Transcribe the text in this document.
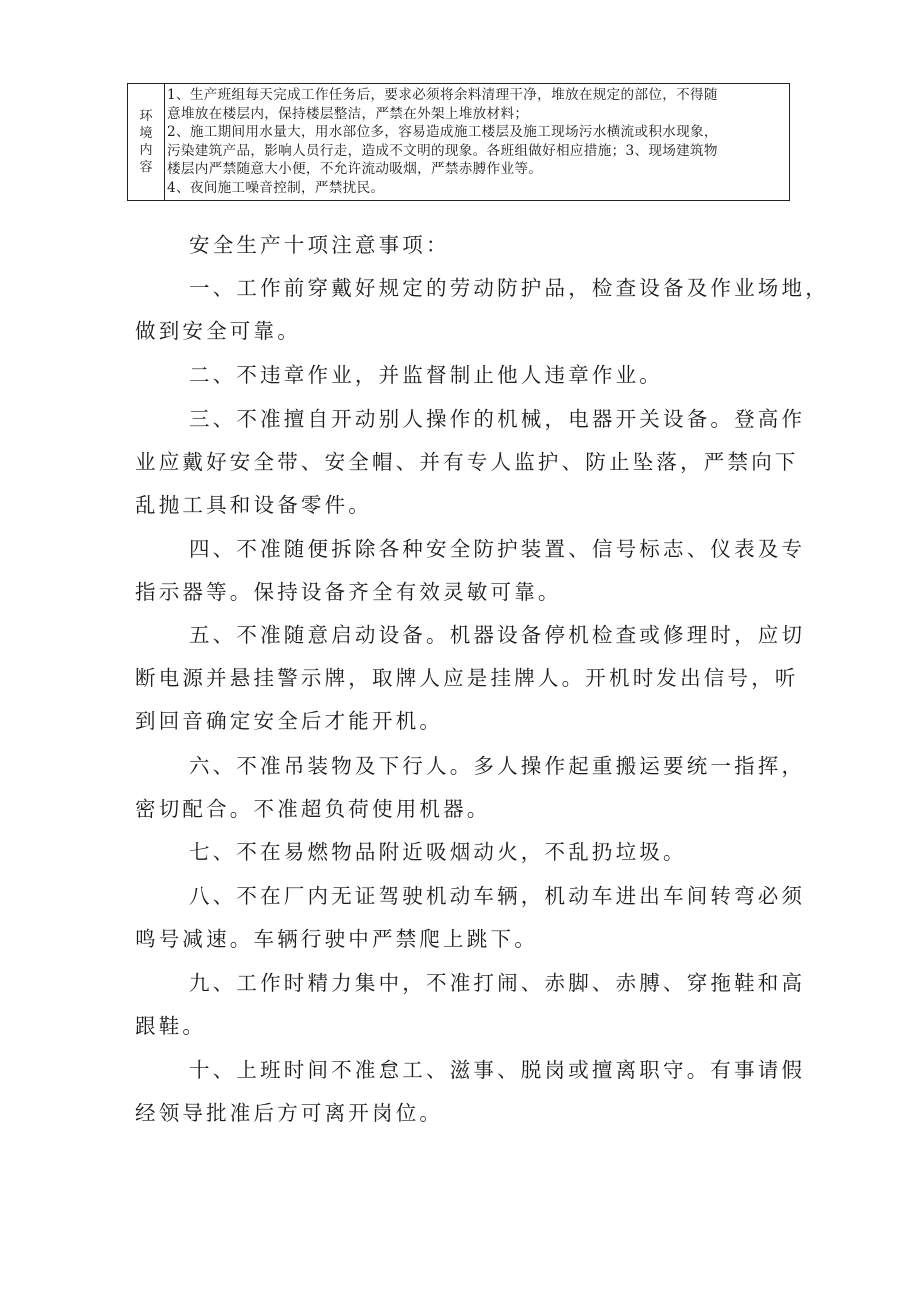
环境内容

1、生产班组每天完成工作任务后，要求必须将余料清理干净，堆放在规定的部位，不得随
意堆放在楼层内，保持楼层整洁，严禁在外架上堆放材料；
2、施工期间用水量大，用水部位多，容易造成施工楼层及施工现场污水横流或积水现象，
污染建筑产品，影响人员行走，造成不文明的现象。各班组做好相应措施；3、现场建筑物
楼层内严禁随意大小便，不允许流动吸烟，严禁赤膊作业等。
4、夜间施工噪音控制，严禁扰民。

安全生产十项注意事项：

一、工作前穿戴好规定的劳动防护品，检查设备及作业场地，
做到安全可靠。

二、不违章作业，并监督制止他人违章作业。

三、不准擅自开动别人操作的机械，电器开关设备。登高作
业应戴好安全带、安全帽、并有专人监护、防止坠落，严禁向下
乱抛工具和设备零件。

四、不准随便拆除各种安全防护装置、信号标志、仪表及专
指示器等。保持设备齐全有效灵敏可靠。

五、不准随意启动设备。机器设备停机检查或修理时，应切
断电源并悬挂警示牌，取牌人应是挂牌人。开机时发出信号，听
到回音确定安全后才能开机。

六、不准吊装物及下行人。多人操作起重搬运要统一指挥，
密切配合。不准超负荷使用机器。

七、不在易燃物品附近吸烟动火，不乱扔垃圾。

八、不在厂内无证驾驶机动车辆，机动车进出车间转弯必须
鸣号减速。车辆行驶中严禁爬上跳下。

九、工作时精力集中，不准打闹、赤脚、赤膊、穿拖鞋和高
跟鞋。

十、上班时间不准怠工、滋事、脱岗或擅离职守。有事请假
经领导批准后方可离开岗位。
